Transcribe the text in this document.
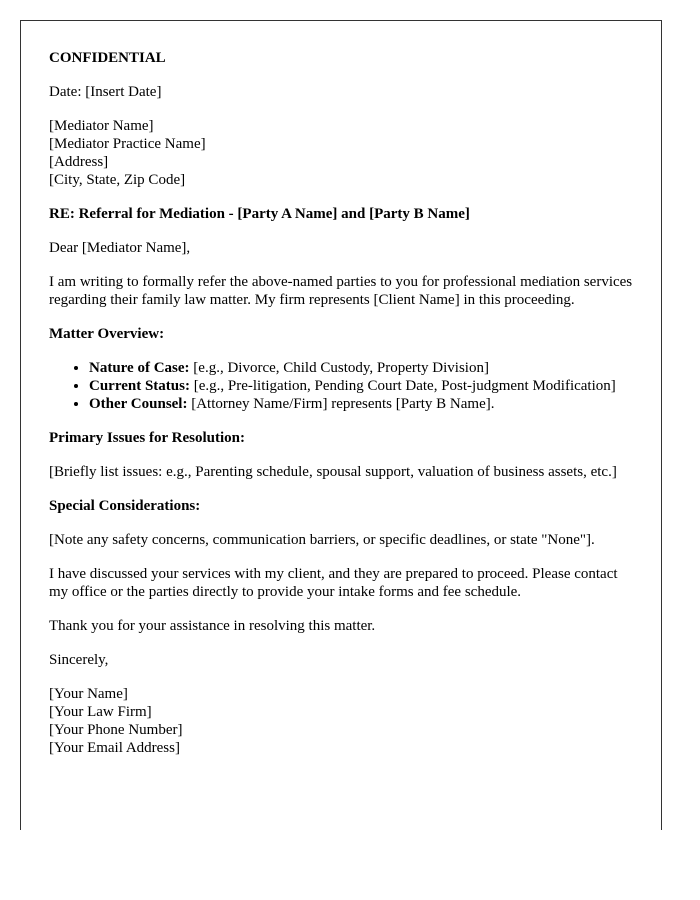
CONFIDENTIAL

Date: [Insert Date]

[Mediator Name]
[Mediator Practice Name]
[Address]
[City, State, Zip Code]

RE: Referral for Mediation - [Party A Name] and [Party B Name]

Dear [Mediator Name],

I am writing to formally refer the above-named parties to you for professional mediation services regarding their family law matter. My firm represents [Client Name] in this proceeding.

Matter Overview:

• Nature of Case: [e.g., Divorce, Child Custody, Property Division]
• Current Status: [e.g., Pre-litigation, Pending Court Date, Post-judgment Modification]
• Other Counsel: [Attorney Name/Firm] represents [Party B Name].

Primary Issues for Resolution:

[Briefly list issues: e.g., Parenting schedule, spousal support, valuation of business assets, etc.]

Special Considerations:

[Note any safety concerns, communication barriers, or specific deadlines, or state "None"].

I have discussed your services with my client, and they are prepared to proceed. Please contact my office or the parties directly to provide your intake forms and fee schedule.

Thank you for your assistance in resolving this matter.

Sincerely,

[Your Name]
[Your Law Firm]
[Your Phone Number]
[Your Email Address]
